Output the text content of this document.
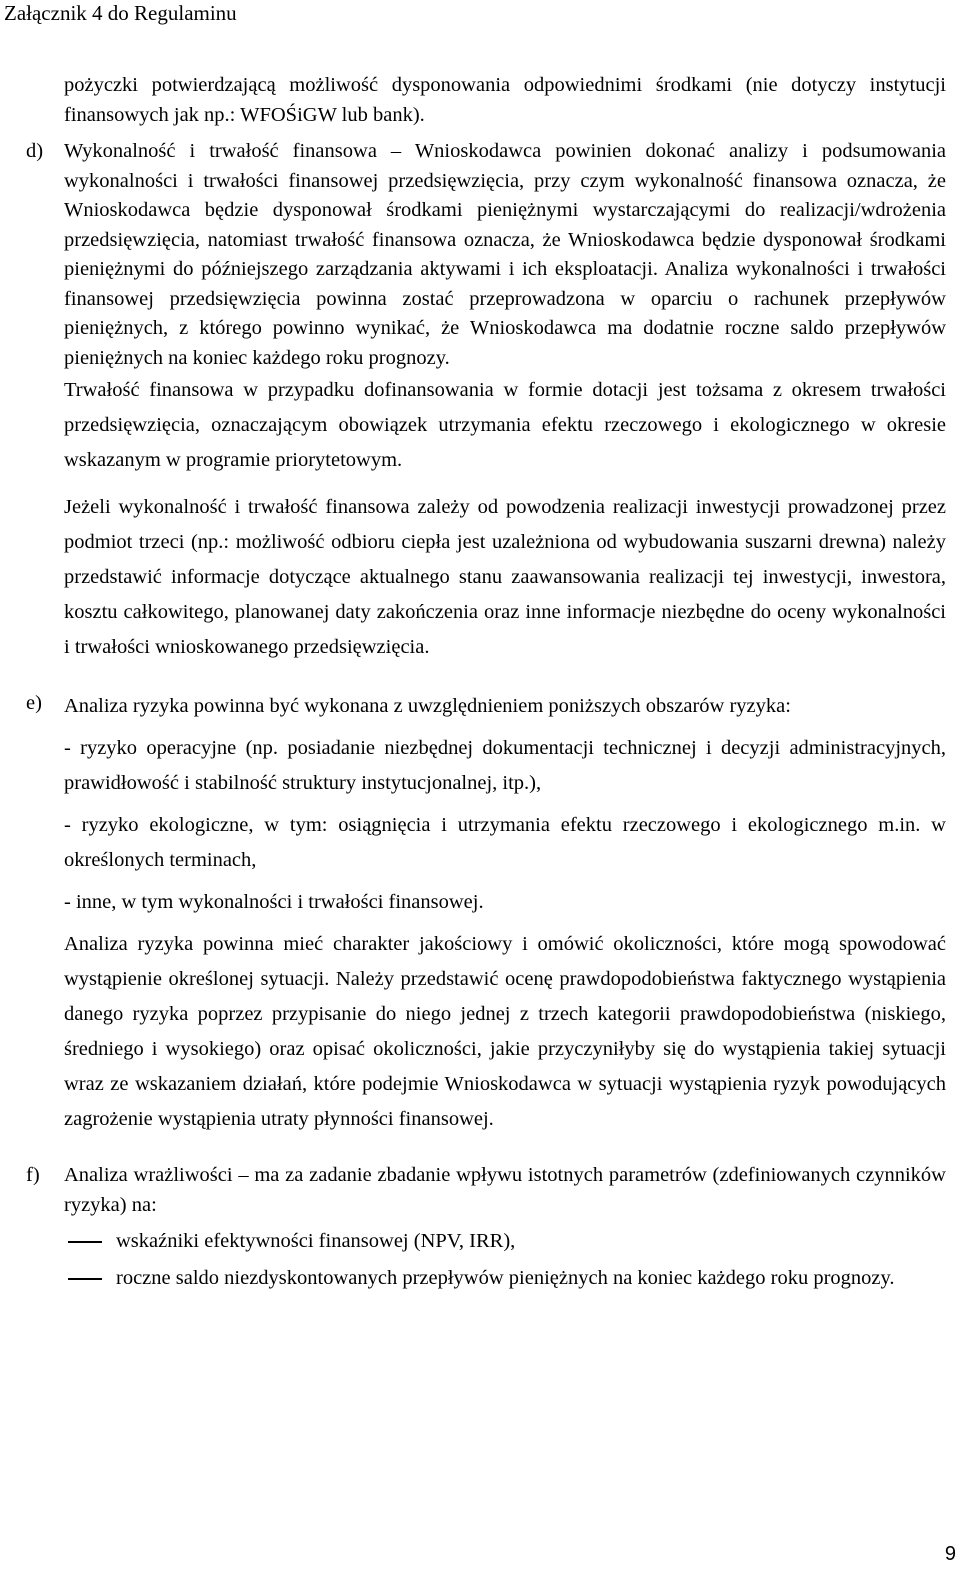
Załącznik 4 do Regulaminu

pożyczki potwierdzającą możliwość dysponowania odpowiednimi środkami (nie dotyczy instytucji finansowych jak np.: WFOŚiGW lub bank).

d) Wykonalność i trwałość finansowa – Wnioskodawca powinien dokonać analizy i podsumowania wykonalności i trwałości finansowej przedsięwzięcia, przy czym wykonalność finansowa oznacza, że Wnioskodawca będzie dysponował środkami pieniężnymi wystarczającymi do realizacji/wdrożenia przedsięwzięcia, natomiast trwałość finansowa oznacza, że Wnioskodawca będzie dysponował środkami pieniężnymi do późniejszego zarządzania aktywami i ich eksploatacji. Analiza wykonalności i trwałości finansowej przedsięwzięcia powinna zostać przeprowadzona w oparciu o rachunek przepływów pieniężnych, z którego powinno wynikać, że Wnioskodawca ma dodatnie roczne saldo przepływów pieniężnych na koniec każdego roku prognozy.

Trwałość finansowa w przypadku dofinansowania w formie dotacji jest tożsama z okresem trwałości przedsięwzięcia, oznaczającym obowiązek utrzymania efektu rzeczowego i ekologicznego w okresie wskazanym w programie priorytetowym.

Jeżeli wykonalność i trwałość finansowa zależy od powodzenia realizacji inwestycji prowadzonej przez podmiot trzeci (np.: możliwość odbioru ciepła jest uzależniona od wybudowania suszarni drewna) należy przedstawić informacje dotyczące aktualnego stanu zaawansowania realizacji tej inwestycji, inwestora, kosztu całkowitego, planowanej daty zakończenia oraz inne informacje niezbędne do oceny wykonalności i trwałości wnioskowanego przedsięwzięcia.

e) Analiza ryzyka powinna być wykonana z uwzględnieniem poniższych obszarów ryzyka:

- ryzyko operacyjne (np. posiadanie niezbędnej dokumentacji technicznej i decyzji administracyjnych, prawidłowość i stabilność struktury instytucjonalnej, itp.),

- ryzyko ekologiczne, w tym: osiągnięcia i utrzymania efektu rzeczowego i ekologicznego m.in. w określonych terminach,

- inne, w tym wykonalności i trwałości finansowej.

Analiza ryzyka powinna mieć charakter jakościowy i omówić okoliczności, które mogą spowodować wystąpienie określonej sytuacji. Należy przedstawić ocenę prawdopodobieństwa faktycznego wystąpienia danego ryzyka poprzez przypisanie do niego jednej z trzech kategorii prawdopodobieństwa (niskiego, średniego i wysokiego) oraz opisać okoliczności, jakie przyczyniłyby się do wystąpienia takiej sytuacji wraz ze wskazaniem działań, które podejmie Wnioskodawca w sytuacji wystąpienia ryzyk powodujących zagrożenie wystąpienia utraty płynności finansowej.

f) Analiza wrażliwości – ma za zadanie zbadanie wpływu istotnych parametrów (zdefiniowanych czynników ryzyka) na:

wskaźniki efektywności finansowej (NPV, IRR),

roczne saldo niezdyskontowanych przepływów pieniężnych na koniec każdego roku prognozy.

9
